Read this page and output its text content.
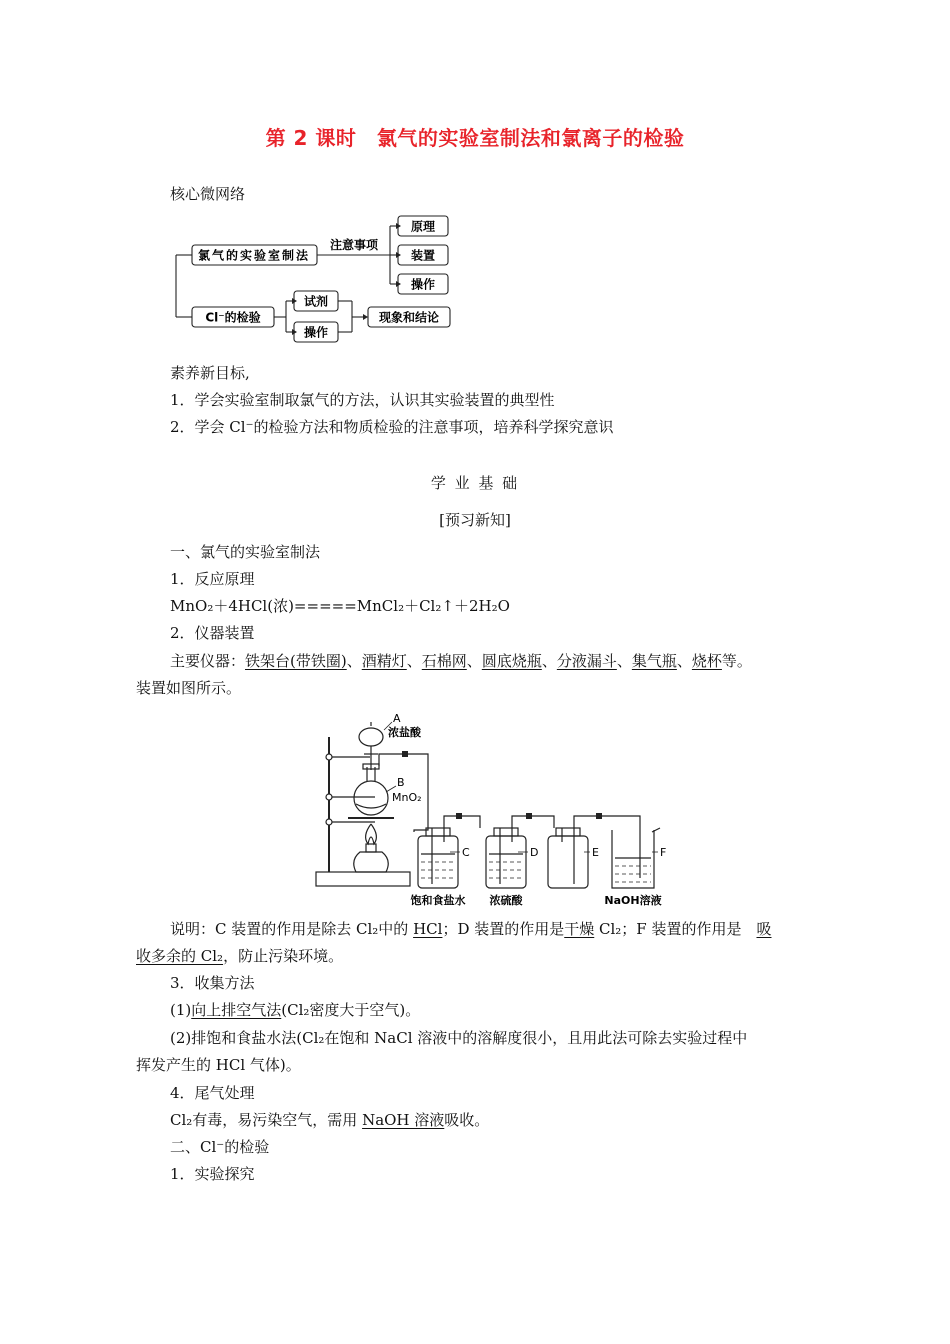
第 2 课时　氯气的实验室制法和氯离子的检验
核心微网络
氯气的实验室制法
Cl⁻的检验
注意事项
原理
装置
操作
试剂
操作
现象和结论
素养新目标,
1．学会实验室制取氯气的方法，认识其实验装置的典型性
2．学会 Cl⁻的检验方法和物质检验的注意事项，培养科学探究意识
学 业 基 础
[预习新知]
一、氯气的实验室制法
1．反应原理
MnO₂＋4HCl(浓)=====MnCl₂＋Cl₂↑＋2H₂O
2．仪器装置
主要仪器：铁架台(带铁圈)、酒精灯、石棉网、圆底烧瓶、分液漏斗、集气瓶、烧杯等。
装置如图所示。
A
浓盐酸
B
MnO₂
C	D	E	F
饱和食盐水 浓硫酸	NaOH溶液
说明：C 装置的作用是除去 Cl₂中的 HCl；D 装置的作用是干燥 Cl₂；F 装置的作用是　吸
收多余的 Cl₂，防止污染环境。
3．收集方法
(1)向上排空气法(Cl₂密度大于空气)。
(2)排饱和食盐水法(Cl₂在饱和 NaCl 溶液中的溶解度很小，且用此法可除去实验过程中
挥发产生的 HCl 气体)。
4．尾气处理
Cl₂有毒，易污染空气，需用 NaOH 溶液吸收。
二、Cl⁻的检验
1．实验探究
